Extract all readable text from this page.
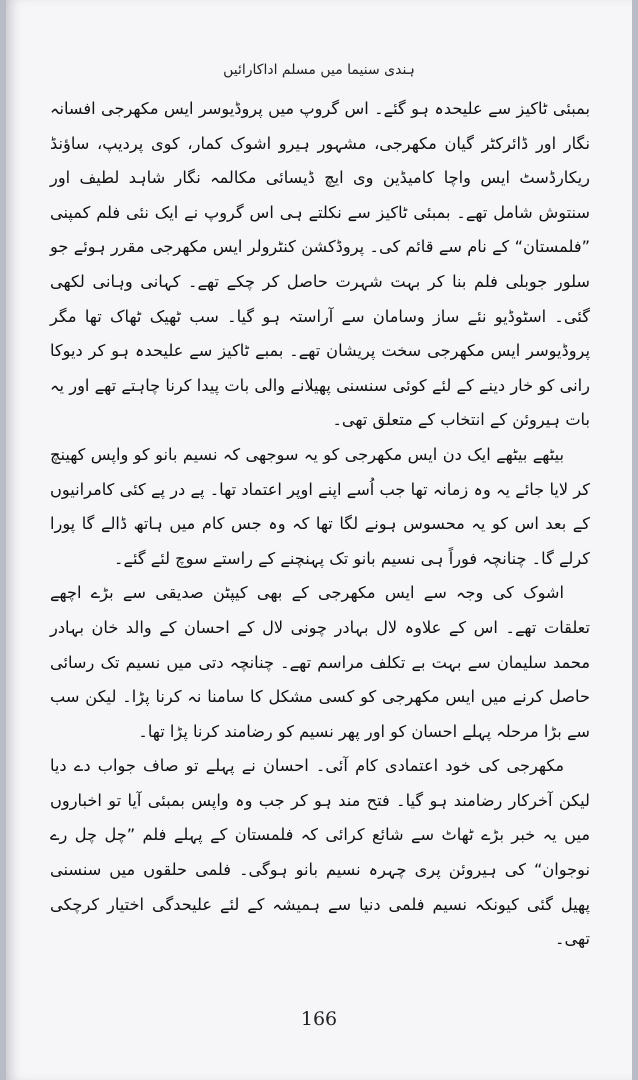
ہندی سنیما میں مسلم اداکارائیں

بمبئی ٹاکیز سے علیحدہ ہو گئے۔ اس گروپ میں پروڈیوسر ایس مکھرجی افسانہ نگار اور ڈائرکٹر گیان مکھرجی، مشہور ہیرو اشوک کمار، کوی پردیپ، ساؤنڈ ریکارڈسٹ ایس واچا کامیڈین وی ایچ ڈیسائی مکالمہ نگار شاہد لطیف اور سنتوش شامل تھے۔ بمبئی ٹاکیز سے نکلتے ہی اس گروپ نے ایک نئی فلم کمپنی ”فلمستان“ کے نام سے قائم کی۔ پروڈکشن کنٹرولر ایس مکھرجی مقرر ہوئے جو سلور جوبلی فلم بنا کر بہت شہرت حاصل کر چکے تھے۔ کہانی وہانی لکھی گئی۔ اسٹوڈیو نئے ساز وسامان سے آراستہ ہو گیا۔ سب ٹھیک ٹھاک تھا مگر پروڈیوسر ایس مکھرجی سخت پریشان تھے۔ بمبے ٹاکیز سے علیحدہ ہو کر دیوکا رانی کو خار دینے کے لئے کوئی سنسنی پھیلانے والی بات پیدا کرنا چاہتے تھے اور یہ بات ہیروئن کے انتخاب کے متعلق تھی۔

بیٹھے بیٹھے ایک دن ایس مکھرجی کو یہ سوجھی کہ نسیم بانو کو واپس کھینچ کر لایا جائے یہ وہ زمانہ تھا جب اُسے اپنے اوپر اعتماد تھا۔ پے در پے کئی کامرانیوں کے بعد اس کو یہ محسوس ہونے لگا تھا کہ وہ جس کام میں ہاتھ ڈالے گا پورا کرلے گا۔ چنانچہ فوراً ہی نسیم بانو تک پہنچنے کے راستے سوچ لئے گئے۔

اشوک کی وجہ سے ایس مکھرجی کے بھی کیپٹن صدیقی سے بڑے اچھے تعلقات تھے۔ اس کے علاوہ لال بہادر چونی لال کے احسان کے والد خان بہادر محمد سلیمان سے بہت بے تکلف مراسم تھے۔ چنانچہ دتی میں نسیم تک رسائی حاصل کرنے میں ایس مکھرجی کو کسی مشکل کا سامنا نہ کرنا پڑا۔ لیکن سب سے بڑا مرحلہ پہلے احسان کو اور پھر نسیم کو رضامند کرنا پڑا تھا۔

مکھرجی کی خود اعتمادی کام آئی۔ احسان نے پہلے تو صاف جواب دے دیا لیکن آخرکار رضامند ہو گیا۔ فتح مند ہو کر جب وہ واپس بمبئی آیا تو اخباروں میں یہ خبر بڑے ٹھاٹ سے شائع کرائی کہ فلمستان کے پہلے فلم ”چل چل رے نوجوان“ کی ہیروئن پری چہرہ نسیم بانو ہوگی۔ فلمی حلقوں میں سنسنی پھیل گئی کیونکہ نسیم فلمی دنیا سے ہمیشہ کے لئے علیحدگی اختیار کرچکی تھی۔

166
